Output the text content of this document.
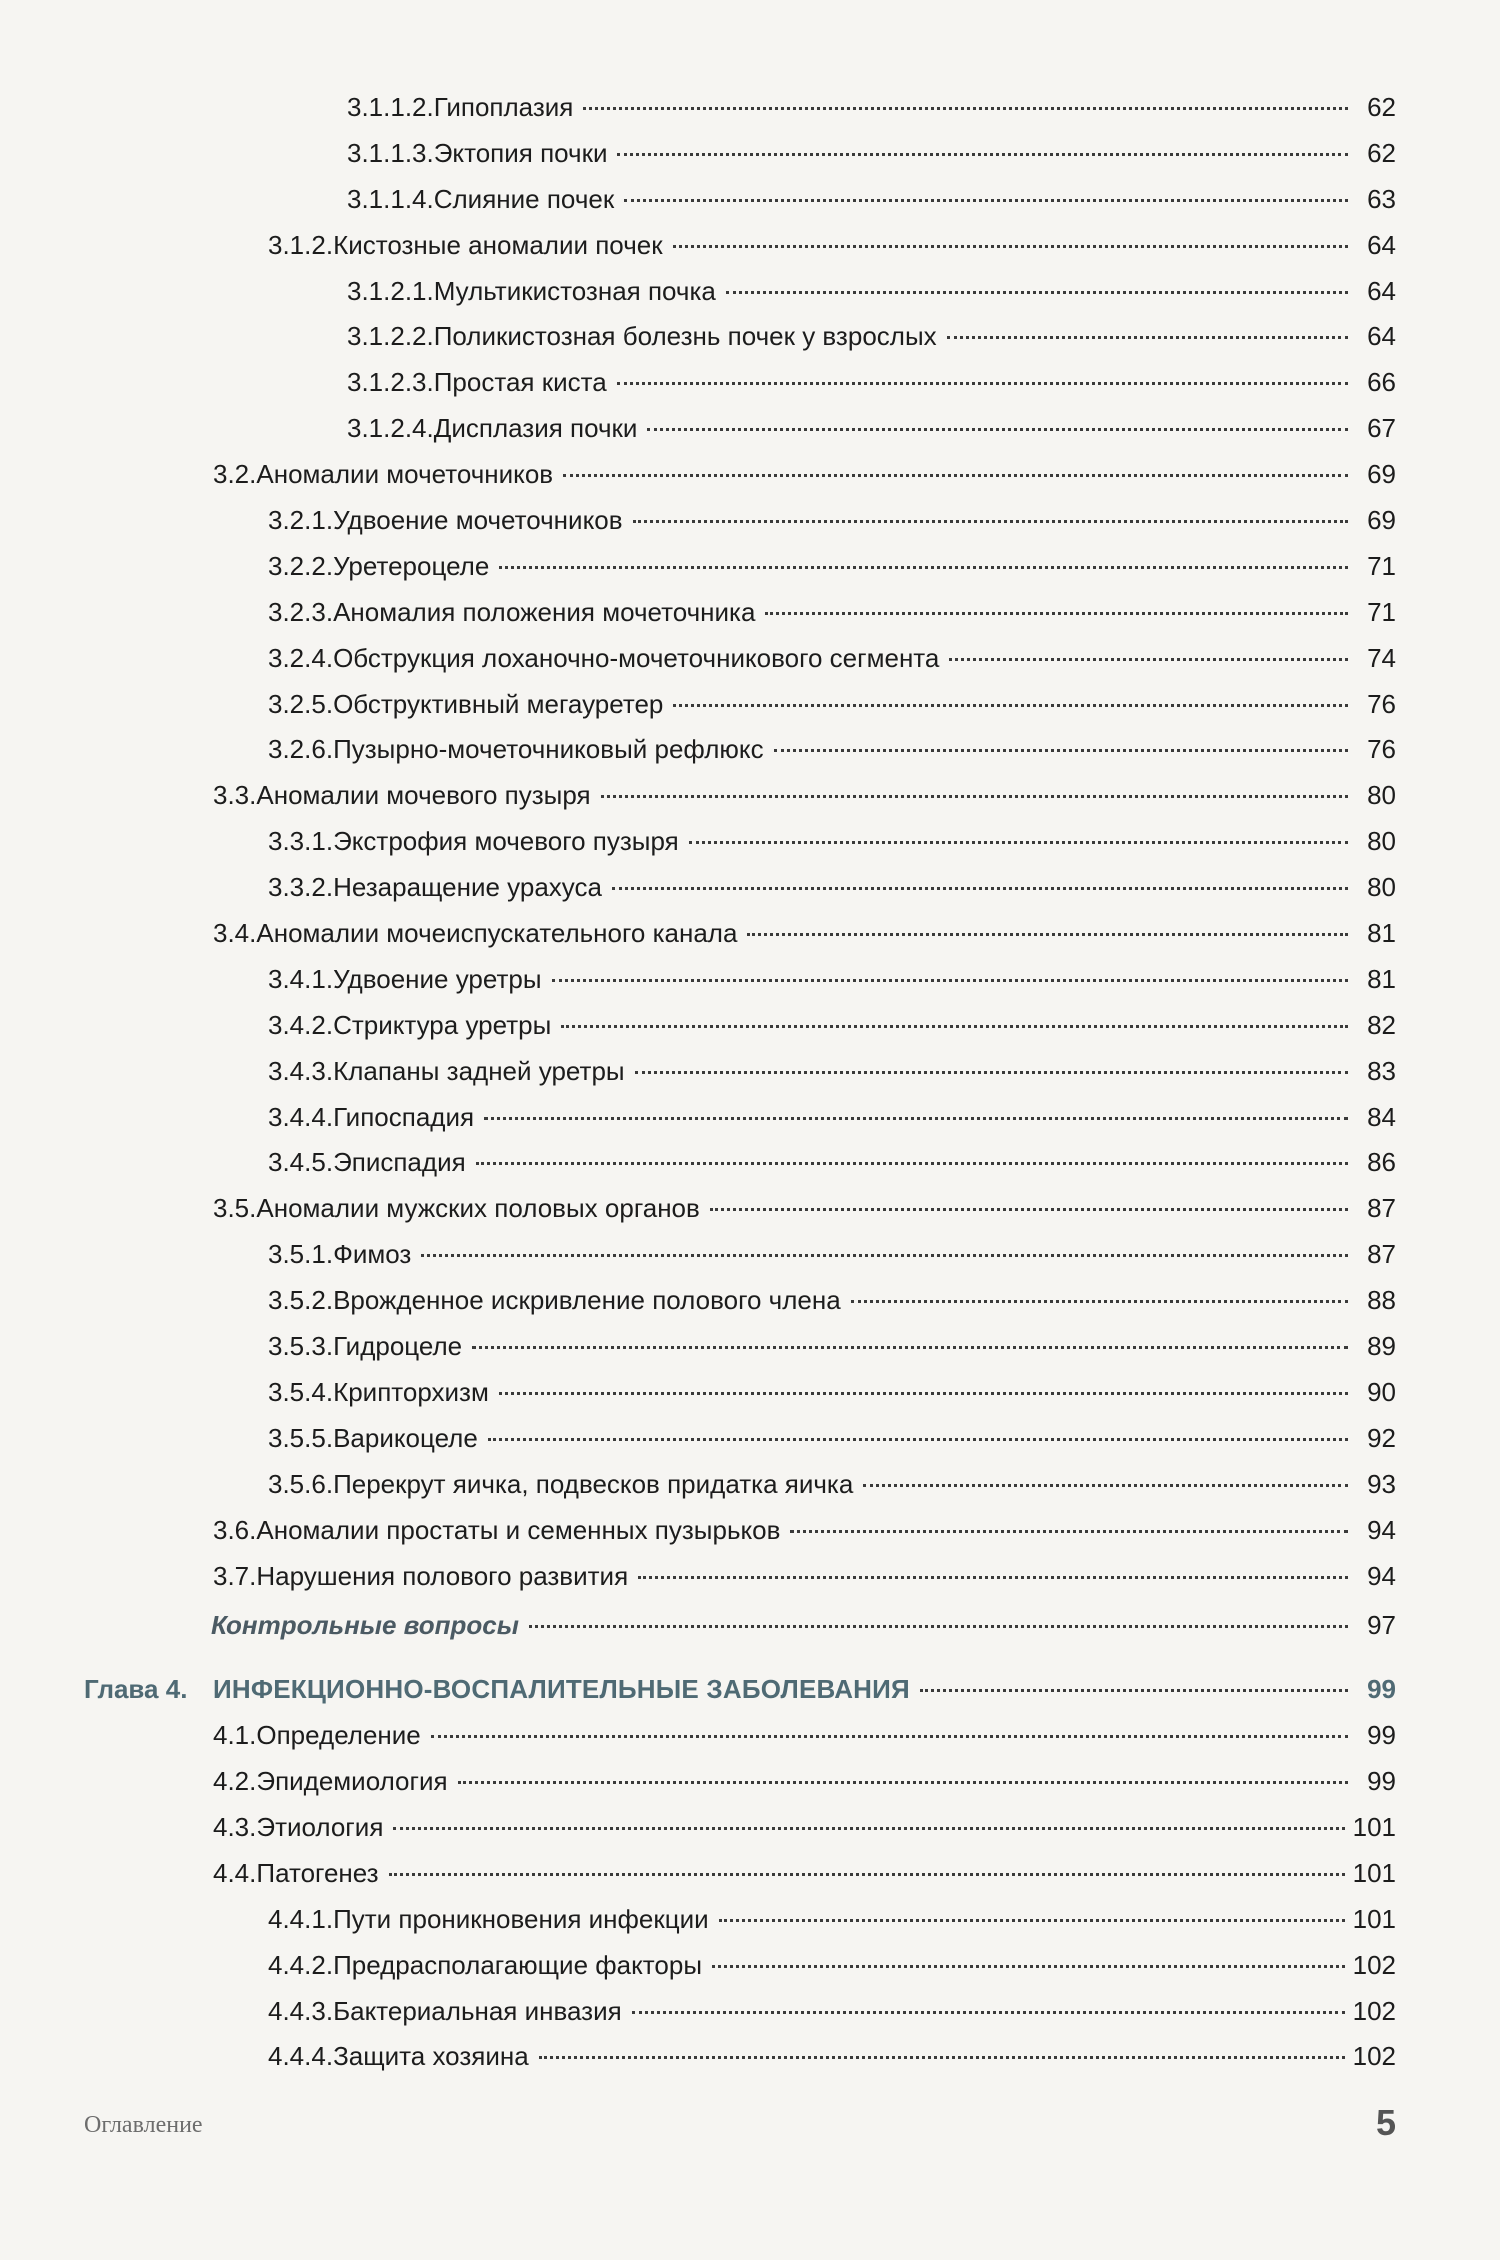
3.1.1.2. Гипоплазия	62
3.1.1.3. Эктопия почки	62
3.1.1.4. Слияние почек	63
3.1.2. Кистозные аномалии почек	64
3.1.2.1. Мультикистозная почка	64
3.1.2.2. Поликистозная болезнь почек у взрослых	64
3.1.2.3. Простая киста	66
3.1.2.4. Дисплазия почки	67
3.2. Аномалии мочеточников	69
3.2.1. Удвоение мочеточников	69
3.2.2. Уретероцеле	71
3.2.3. Аномалия положения мочеточника	71
3.2.4. Обструкция лоханочно-мочеточникового сегмента	74
3.2.5. Обструктивный мегауретер	76
3.2.6. Пузырно-мочеточниковый рефлюкс	76
3.3. Аномалии мочевого пузыря	80
3.3.1. Экстрофия мочевого пузыря	80
3.3.2. Незаращение урахуса	80
3.4. Аномалии мочеиспускательного канала	81
3.4.1. Удвоение уретры	81
3.4.2. Стриктура уретры	82
3.4.3. Клапаны задней уретры	83
3.4.4. Гипоспадия	84
3.4.5. Эписпадия	86
3.5. Аномалии мужских половых органов	87
3.5.1. Фимоз	87
3.5.2. Врожденное искривление полового члена	88
3.5.3. Гидроцеле	89
3.5.4. Крипторхизм	90
3.5.5. Варикоцеле	92
3.5.6. Перекрут яичка, подвесков придатка яичка	93
3.6. Аномалии простаты и семенных пузырьков	94
3.7. Нарушения полового развития	94
Контрольные вопросы	97
Глава 4. ИНФЕКЦИОННО-ВОСПАЛИТЕЛЬНЫЕ ЗАБОЛЕВАНИЯ	99
4.1. Определение	99
4.2. Эпидемиология	99
4.3. Этиология	101
4.4. Патогенез	101
4.4.1. Пути проникновения инфекции	101
4.4.2. Предрасполагающие факторы	102
4.4.3. Бактериальная инвазия	102
4.4.4. Защита хозяина	102
Оглавление	5
